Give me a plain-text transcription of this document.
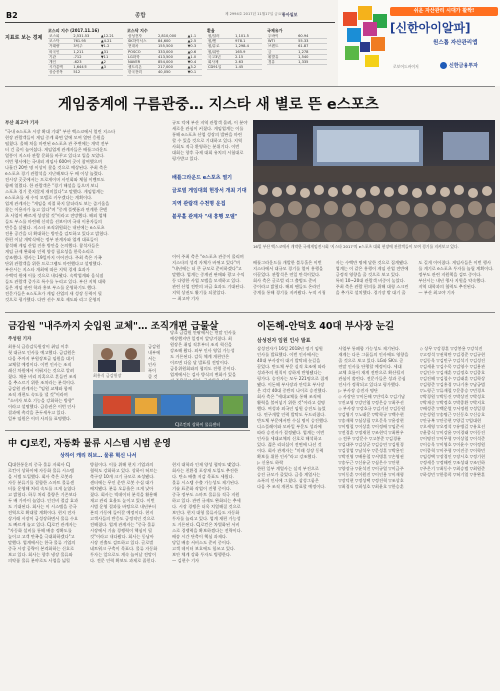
B2	종합	제 2994호 2017년 11월17일 금요일
동아일보
지표로 보는 경제
코스피 지수 (2017.11.16)
코스피	2,531.53	▲12.21
코스닥	761.95	▲4.21
거래량	3억주	▼1.2
외국인	1,211	▲31
기관	-712	▼11
개인	-623	▲2
시가총액	1,644조	▲3
상승종목	512	
코스닥 지수
삼성전자	2,810,000	▲1.1
SK하이닉스	84,600	▲2.5
현대차	155,500	▼0.3
POSCO	333,000	▲0.6
LG화학	413,500	▲1.0
NAVER	854,000	▼0.4
셀트리온	217,000	▲3.2
한국전력	40,050	▼0.1
환율
원/달러	1,101.5
원/엔	978.1
원/유로	1,298.4
원/위안	165.9
국고3년	2.15
회사채	2.63
CD91일	1.45
국제유가
두바이	60.94
WTI	55.33
브렌트	61.87
금	1,278
휘발유	1,540
경유	1,335
쉬운 자산관리 시대가 활짝!
[신한아이알파]
원스톱 자산관리앱
로보어드바이저	신한금융투자
게임중계에 구름관중… 지스타 새 별로 뜬 e스포츠
부산 최고야 기자
"국내 e스포츠 시장 확대 기대" 부산 벡스코에서 열린 지스타
현장 관람객들이 게임 중계 화면 앞에 모여 열띤 응원을
펼쳤다. 올해 처음 마련된 e스포츠 관 주변에는 개막 전부
터 긴 줄이 늘어섰다. 게임업계 관계자들은 배틀그라운드
열풍이 지스타 관람 문화를 바꾸고 있다고 입을 모았다.
이번 행사에는 국내외 게임사 600여 곳이 참여했으며
나흘간 20만 명 이상이 찾을 것으로 예상된다. 주최 측은
e스포츠 경기 관람석을 지난해보다 두 배 이상 늘렸다.
전시장 곳곳에서는 프로게이머 사인회와 체험 이벤트도
함께 열렸다. 한 관람객은 "경기 해설을 들으며 보니
스포츠 경기 못지않게 재미있다"고 말했다. 게임업계는
e스포츠를 새 수익 모델로 키우겠다는 계획이다.
업계 관계자는 "게임을 직접 하지 않더라도 보는 즐거움을
찾는 이용자가 늘고 있다"며 "중계 플랫폼과 연계한 콘텐
츠 사업이 빠르게 성장할 것"이라고 전망했다. 해외 업체
들도 부스를 마련해 신작을 선보이며 국내 이용자들의
반응을 살폈다. 지스타 조직위원회는 내년에는 e스포츠
전용 공간을 더 확대하는 방안을 검토하고 있다고 밝혔다.
한편 이날 개막식에는 정부 관계자와 업계 대표들이
참석해 게임 산업 진흥 방안을 논의했다. 참석자들은
게임 규제 완화와 인력 양성 필요성을 한목소리로
강조했다. 행사는 19일까지 이어진다. 주최 측은 가족
단위 관람객을 위한 프로그램도 마련했다고 설명했다.
부산시는 지스타 개최에 따른 지역 경제 효과가
수백억 원에 이를 것으로 내다봤다. 숙박업계와 음식점
들도 관람객 증가로 특수를 누리고 있다. 부산 지역 대학
들은 게임 관련 학과 홍보 부스를 운영하기도 했다.
전문가들은 e스포츠가 게임 산업의 새 성장 동력이 될
것으로 평가했다. 다만 선수 보호 제도와 리그 운영의
규모 덕에 부산 지역 관람객 몰려, 이 분야
새로운 관심이 커졌다. 게임업계는 이를
통해 e스포츠 산업 성장의 발판을 마련
할 수 있을 것으로 기대하고 있다. 지역
사회도 적극 환영하는 분위기다. 이번
대회는 향후 국제 대회 유치의 시험대로
평가받고 있다.
배틀그라운드 e스포츠 열기
글로벌 게임대회 현장서 개최 기대
지역 관람객 수천명 운집
블루홀 관계자 "새 흥행 모델"
이어 주최 측은 "e스포츠 관중이 몰리며
지스타의 성격 자체가 바뀌고 있다"며
"내년에는 더 큰 규모로 준비하겠다"고
말했다. 업계는 중계권 판매와 광고 수익
등 다양한 사업 모델을 모색하고 있다.
관련 산업 전반의 파급 효과도 기대된다.
지역 상권도 활기를 되찾았다.
— 최고야 기자
16일 부산 벡스코에서 개막한 국제게임전시회 '지스타 2017'의 e스포츠 대회 현장에 관람객들이 모여 경기를 지켜보고 있다.
배틀그라운드를 개발한 블루홀은 이번
지스타에서 대규모 경기를 열어 흥행을
이끌었다. 관람석은 연일 만석이었다.
회사 측은 글로벌 리그 출범도 준비
중이라고 밝혔다. 해외 팬들도 온라인
중계를 통해 경기를 지켜봤다. 누적 시청
자는 수백만 명에 달한 것으로 집계됐다.
업계는 이 같은 흥행이 게임 산업 전반에
긍정적 영향을 줄 것으로 보고 있다.
특히 10~20대 관람객 비중이 높았다.
주최 측은 관람 편의를 위해 대형 스크린
을 추가로 설치했다. 경기장 밖 대기 줄
도 길게 이어졌다. 게임사들은 이번 행사
를 계기로 e스포츠 투자를 늘릴 계획이다.
정부도 관련 지원책을 검토 중이다.
부산시는 내년 행사 지원을 약속했다.
지역 대학과의 협력도 추진된다.
— 부산 최고야 기자
금감원 "내주까지 숫입원 교체"… 조직개편 급물살
주성원 기자
최흥식 금융감독원장이 취임 이후
첫 대규모 인사를 예고했다. 금감원은
다음 주까지 부원장보급 임원을 대거
교체할 예정이다. 이번 인사는 조직
쇄신 차원에서 이뤄지는 것으로 알려
졌다. 채용 비리 의혹으로 흔들린 조직
을 추스르기 위한 조치라는 분석이다.
금감원 관계자는 "임원 교체와 함께
조직 개편도 속도를 낼 것"이라며
"소비자 보호 기능을 강화하는 방향"
이라고 설명했다. 금융권은 이번 인사
결과에 촉각을 곤두세우고 있다.
일부 임원은 이미 사의를 표명했다.
최흥식 금감원장
금감원
내부에
서는
인사
폭이
클 것
당초 금감원 안팎에서는 연말 인사를
예상했지만 일정이 앞당겨졌다. 최
원장은 취임 직후부터 조직 혁신을
강조해 왔다. 외부 인사 영입 가능성
도 거론된다. 감독 체계 개편안은
이르면 다음 달 발표될 전망이다.
금융위원회와의 협의도 진행 중이다.
업계에서는 검사 방식의 변화가 있을
CJ로킨의 상하이 물류센터
中 CJ로킨, 자동화 물류 시스템 시범 운영
상하이 캐리 허브… 물류 혁신 나서
CJ대한통운의 중국 물류 자회사 CJ
로킨이 상하이에 자동화 물류 시스템
을 시범 도입했다. 회사 측은 로봇과
자동 분류기를 결합한 스마트 물류센
터를 운영해 처리 속도를 크게 높였다
고 밝혔다. 하루 처리 물량은 기존보다
두 배 가까이 늘었다. 인건비 절감 효과
도 기대된다. 회사는 이 시스템을 중국
전역으로 확대할 계획이다. 현지 전자
상거래 시장이 급성장하면서 물류 수요
도 빠르게 늘고 있다. CJ로킨 관계자는
"자동화 설비를 통해 배송 정확도를
높이고 고객 만족을 극대화하겠다"고
말했다. 업계에서는 한국 물류 기업의
중국 시장 공략이 본격화하는 신호로
보고 있다. 회사는 향후 냉장 물류와
의약품 물류 분야로도 사업을 넓힐
방침이다. 이를 위해 현지 기업과의
협력도 강화하고 있다. 상하이 허브는
축구장 10개 크기 규모로 조성됐다.
센터에는 무인 운반 로봇 수십 대가
배치됐다. 분류 오류율은 크게 낮아
졌다. 회사는 빅데이터 분석을 활용해
재고 관리 효율도 높이고 있다. 이번
시범 운영 결과를 바탕으로 내년부터
본격 가동에 들어갈 예정이다. 현지
고객사들의 반응도 긍정적인 것으로
전해졌다. 업계 관계자는 "중국 물류
시장에서 기술 경쟁력이 핵심이 될
것"이라고 내다봤다. 회사는 동남아
시장 진출도 검토하고 있다. 글로벌
네트워크 구축이 목표다. 물류 자동화
투자는 앞으로도 계속 늘어날 전망이
다. 전문 인력 확보도 과제로 꼽힌다.
현지 대학과 인재 양성 협약도 맺었다.
회사는 친환경 포장재 도입도 추진한
다. 탄소 배출 저감 목표도 세웠다.
물류 시스템 수출 가능성도 제기된다.
기술 표준화 작업이 진행 중이다.
중국 정부도 스마트 물류를 적극 지원
하고 있다. 관련 규제도 완화되는 추세
다. 시장 경쟁은 더욱 치열해질 것으로
보인다. 현지 대형 물류사들도 자동화
투자를 늘리고 있다. 업계 재편 가능성
도 거론된다. CJ로킨은 차별화된 서비
스로 경쟁력을 확보하겠다는 전략이다.
배송 시간 단축이 핵심 과제다.
당일 배송 서비스도 준비 중이다.
고객 데이터 보호에도 힘쓰고 있다.
보안 체계 강화 투자도 병행한다.
— 김현수 기자
이돈해-안덕호 40대 부사장 눈길
삼성전자 임원 인사 발표
삼성전자가 16일 2018년 정기 임원
인사를 발표했다. 이번 인사에서는
40대 부사장이 대거 발탁돼 눈길을
끌었다. 반도체 부문 실적 호조에 따라
성과주의 원칙이 강하게 반영됐다는
평가다. 승진자는 모두 221명으로 집계
됐다. 이돈해 부사장과 안덕호 부사장
은 각각 40대 중반의 나이로 승진했다.
회사 측은 "세대교체를 통해 조직에
활력을 불어넣기 위한 것"이라고 설명
했다. 여성과 외국인 임원 승진도 늘었
다. 연구개발 인력 발탁도 두드러졌다.
반도체 부문에서만 수십 명이 승진했다.
디스플레이와 모바일 부문도 성과에
따라 승진자가 결정됐다. 업계는 이번
인사를 세대교체의 신호로 해석하고
있다. 젊은 리더십이 전면에 나선 것
이다. 회사 관계자는 "미래 성장 동력
확보를 위한 인사"라고 강조했다.
▷ 신용도 하락
한편 일부 계열사는 실적 부진으로
승진 규모가 줄었다. 금융 계열사는
소폭의 인사에 그쳤다. 삼성그룹은
다음 주 조직 개편도 발표할 예정이다.
사업부 통폐합 가능성도 제기된다.
재계는 다른 그룹들의 인사에도 영향을
줄 것으로 보고 있다. LG와 SK도 곧
연말 인사를 단행할 예정이다. 세대
교체 흐름이 재계 전반으로 확산될지
관심이 쏠린다. 전문가들은 성과 중심
인사가 정착되고 있다고 평가했다.
▷ 부사장 승진자 명단
◇ 사장단 ▽이돈해 ▽안덕호 ▽김기남
▽진교영 ▽강인엽 ▽정은승 ▽최주선
◇ 부사장 ▽강호규 ▽김기선 ▽김동원
▽김영기 ▽노태문 ▽박학규 ▽백수현
▽송재혁 ▽심상필 ▽오문욱 ▽윤장현
▽이병철 ▽이상훈 ▽이정배 ▽임준서
▽전경훈 ▽정재헌 ▽조현덕 ▽최완우
◇ 전무 ▽강문수 ▽고봉준 ▽김경륜
▽김대주 ▽김상균 ▽김승연 ▽김원경
▽김창업 ▽남석우 ▽문성훈 ▽박용인
▽박진영 ▽배용철 ▽서병훈 ▽손영권
▽송두근 ▽신유균 ▽심은수 ▽안현
▽양장규 ▽윤석진 ▽이규열 ▽이금주
▽이동훈 ▽이원진 ▽이인용 ▽이재형
▽장덕현 ▽정성택 ▽정진혁 ▽조상호
▽최경식 ▽최성호 ▽최윤호 ▽한승훈
◇ 상무 ▽강경훈 ▽강봉용 ▽강석진
▽고정석 ▽권혁만 ▽김경준 ▽김규현
▽김동욱 ▽김민구 ▽김석기 ▽김성진
▽김세윤 ▽김수목 ▽김영수 ▽김용관
▽김인수 ▽김재훈 ▽김정호 ▽김종호
▽김진해 ▽김철수 ▽김태훈 ▽김학상
▽김형준 ▽김홍경 ▽나기홍 ▽남궁범
▽노형근 ▽류재철 ▽문종승 ▽민경오
▽박경원 ▽박동건 ▽박상진 ▽박성호
▽박재순 ▽박정호 ▽박종환 ▽박지호
▽배성준 ▽백운열 ▽서정원 ▽성일경
▽손성원 ▽송명근 ▽신동호 ▽신승호
▽안규복 ▽안중현 ▽양걸 ▽엄대현
▽오세영 ▽오정석 ▽유병길 ▽유호선
▽윤종식 ▽이강윤 ▽이경태 ▽이동진
▽이명진 ▽이무형 ▽이상철 ▽이석준
▽이승욱 ▽이영호 ▽이윤수 ▽이정원
▽이종혁 ▽이주형 ▽이진중 ▽이학민
▽임성택 ▽장경인 ▽장시호 ▽정기현
▽정세웅 ▽정해린 ▽조성대 ▽조인하
▽주은기 ▽최동수 ▽최승범 ▽최원준
▽하성민 ▽한종희 ▽허기열 ▽홍완훈
